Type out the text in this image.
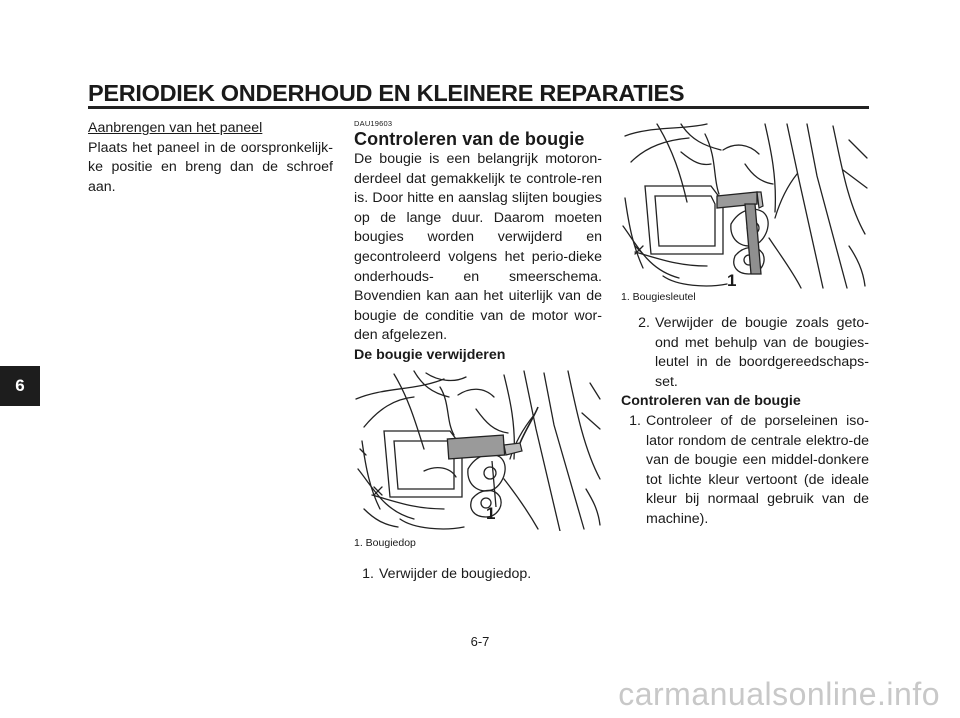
PERIODIEK ONDERHOUD EN KLEINERE REPARATIES
6

Aanbrengen van het paneel

Plaats het paneel in de oorspronkelijk-ke positie en breng dan de schroef aan.

DAU19603

Controleren van de bougie

De bougie is een belangrijk motoron-derdeel dat gemakkelijk te controle-ren is. Door hitte en aanslag slijten bougies op de lange duur. Daarom moeten bougies worden verwijderd en gecontroleerd volgens het perio-dieke onderhouds- en smeerschema. Bovendien kan aan het uiterlijk van de bougie de conditie van de motor wor-den afgelezen.

De bougie verwijderen

1

1. Bougiedop

1. Verwijder de bougiedop.
1

1. Bougiesleutel

2. Verwijder de bougie zoals geto-ond met behulp van de bougies-leutel in de boordgereedschaps-set.

Controleren van de bougie

1. Controleer of de porseleinen iso-lator rondom de centrale elektro-de van de bougie een middel-donkere tot lichte kleur vertoont (de ideale kleur bij normaal gebruik van de machine).
6-7
carmanualsonline.info
